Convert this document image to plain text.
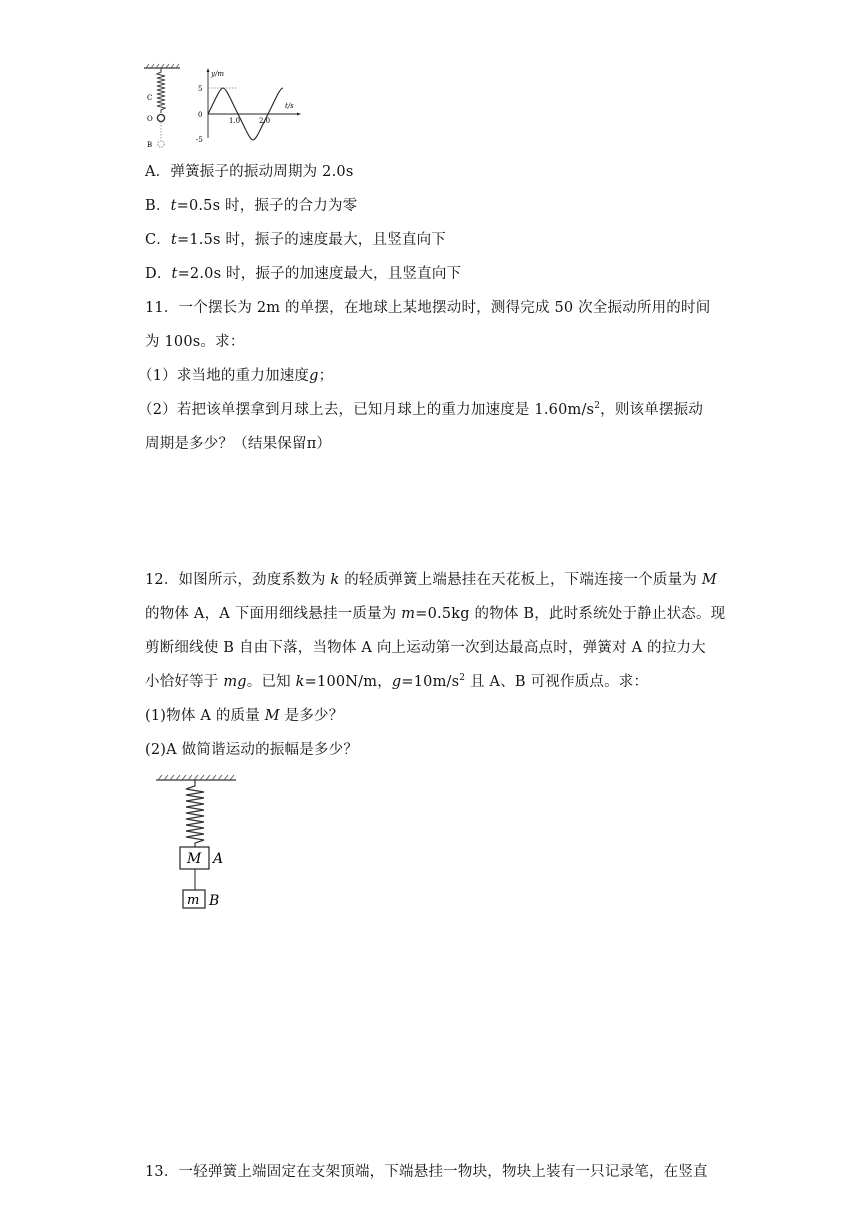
C
O
B
y/m
t/s
5
0
-5
1.0	2.0
A．弹簧振子的振动周期为 2.0s
B．t=0.5s 时，振子的合力为零
C．t=1.5s 时，振子的速度最大，且竖直向下
D．t=2.0s 时，振子的加速度最大，且竖直向下
11．一个摆长为 2m 的单摆，在地球上某地摆动时，测得完成 50 次全振动所用的时间
为 100s。求：
（1）求当地的重力加速度g；
（2）若把该单摆拿到月球上去，已知月球上的重力加速度是 $1.60m/s^2$，则该单摆振动
周期是多少？（结果保留π）
12．如图所示，劲度系数为 k 的轻质弹簧上端悬挂在天花板上，下端连接一个质量为 M
的物体 A，A 下面用细线悬挂一质量为 m=0.5kg 的物体 B，此时系统处于静止状态。现
剪断细线使 B 自由下落，当物体 A 向上运动第一次到达最高点时，弹簧对 A 的拉力大
小恰好等于 mg。已知 k=100N/m，$g=10m/s^2$ 且 A、B 可视作质点。求：
(1)物体 A 的质量 M 是多少？
(2)A 做简谐运动的振幅是多少？
M A
m B
13．一轻弹簧上端固定在支架顶端，下端悬挂一物块，物块上装有一只记录笔，在竖直
